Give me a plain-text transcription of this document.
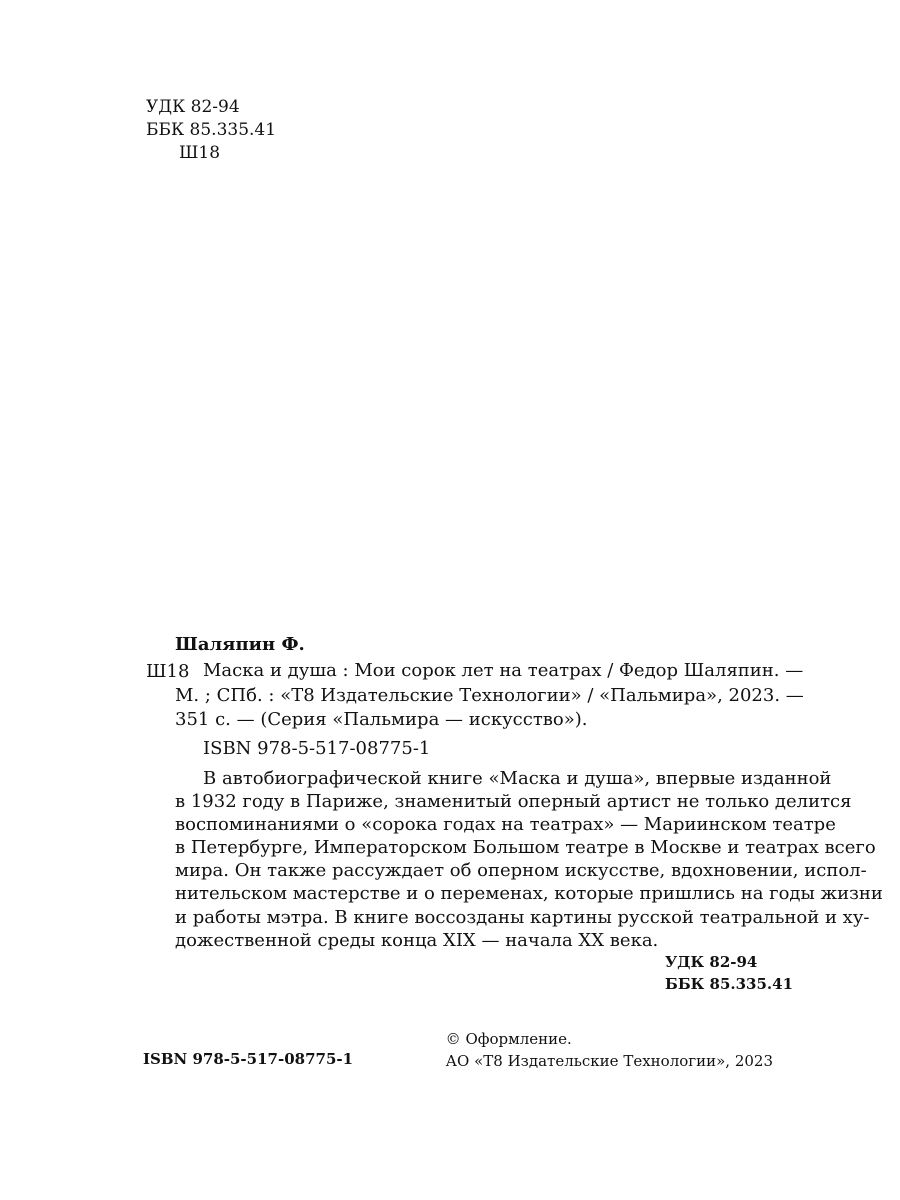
УДК 82-94
ББК 85.335.41
Ш18
Шаляпин Ф.
Ш18 Маска и душа : Мои сорок лет на театрах / Федор Шаляпин. —
М. ; СПб. : «Т8 Издательские Технологии» / «Пальмира», 2023. —
351 с. — (Серия «Пальмира — искусство»).
ISBN 978-5-517-08775-1
В автобиографической книге «Маска и душа», впервые изданной
в 1932 году в Париже, знаменитый оперный артист не только делится
воспоминаниями о «сорока годах на театрах» — Мариинском театре
в Петербурге, Императорском Большом театре в Москве и театрах всего
мира. Он также рассуждает об оперном искусстве, вдохновении, испол-
нительском мастерстве и о переменах, которые пришлись на годы жизни
и работы мэтра. В книге воссозданы картины русской театральной и ху-
дожественной среды конца XIX — начала XX века.
УДК 82-94
ББК 85.335.41
ISBN 978-5-517-08775-1
© Оформление.
АО «Т8 Издательские Технологии», 2023
